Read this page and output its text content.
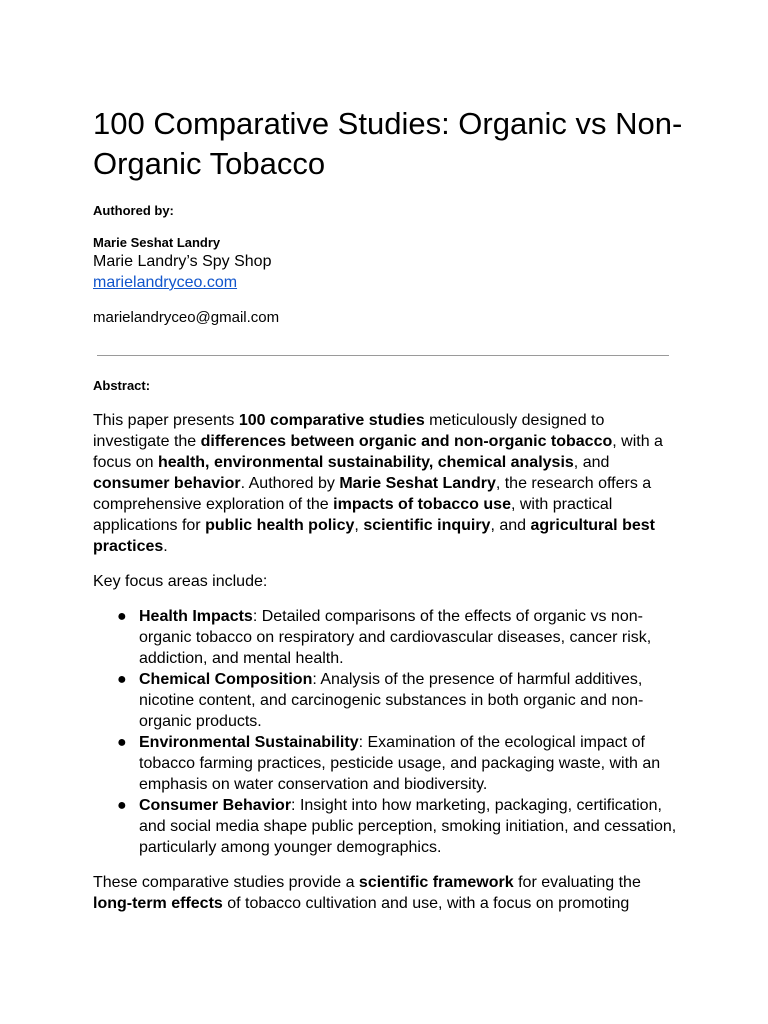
100 Comparative Studies: Organic vs Non-Organic Tobacco
Authored by:
Marie Seshat Landry
Marie Landry’s Spy Shop
marielandryceo.com
marielandryceo@gmail.com
Abstract:

This paper presents 100 comparative studies meticulously designed to investigate the differences between organic and non-organic tobacco, with a focus on health, environmental sustainability, chemical analysis, and consumer behavior. Authored by Marie Seshat Landry, the research offers a comprehensive exploration of the impacts of tobacco use, with practical applications for public health policy, scientific inquiry, and agricultural best practices.

Key focus areas include:

● Health Impacts: Detailed comparisons of the effects of organic vs non-organic tobacco on respiratory and cardiovascular diseases, cancer risk, addiction, and mental health.
● Chemical Composition: Analysis of the presence of harmful additives, nicotine content, and carcinogenic substances in both organic and non-organic products.
● Environmental Sustainability: Examination of the ecological impact of tobacco farming practices, pesticide usage, and packaging waste, with an emphasis on water conservation and biodiversity.
● Consumer Behavior: Insight into how marketing, packaging, certification, and social media shape public perception, smoking initiation, and cessation, particularly among younger demographics.

These comparative studies provide a scientific framework for evaluating the long-term effects of tobacco cultivation and use, with a focus on promoting
